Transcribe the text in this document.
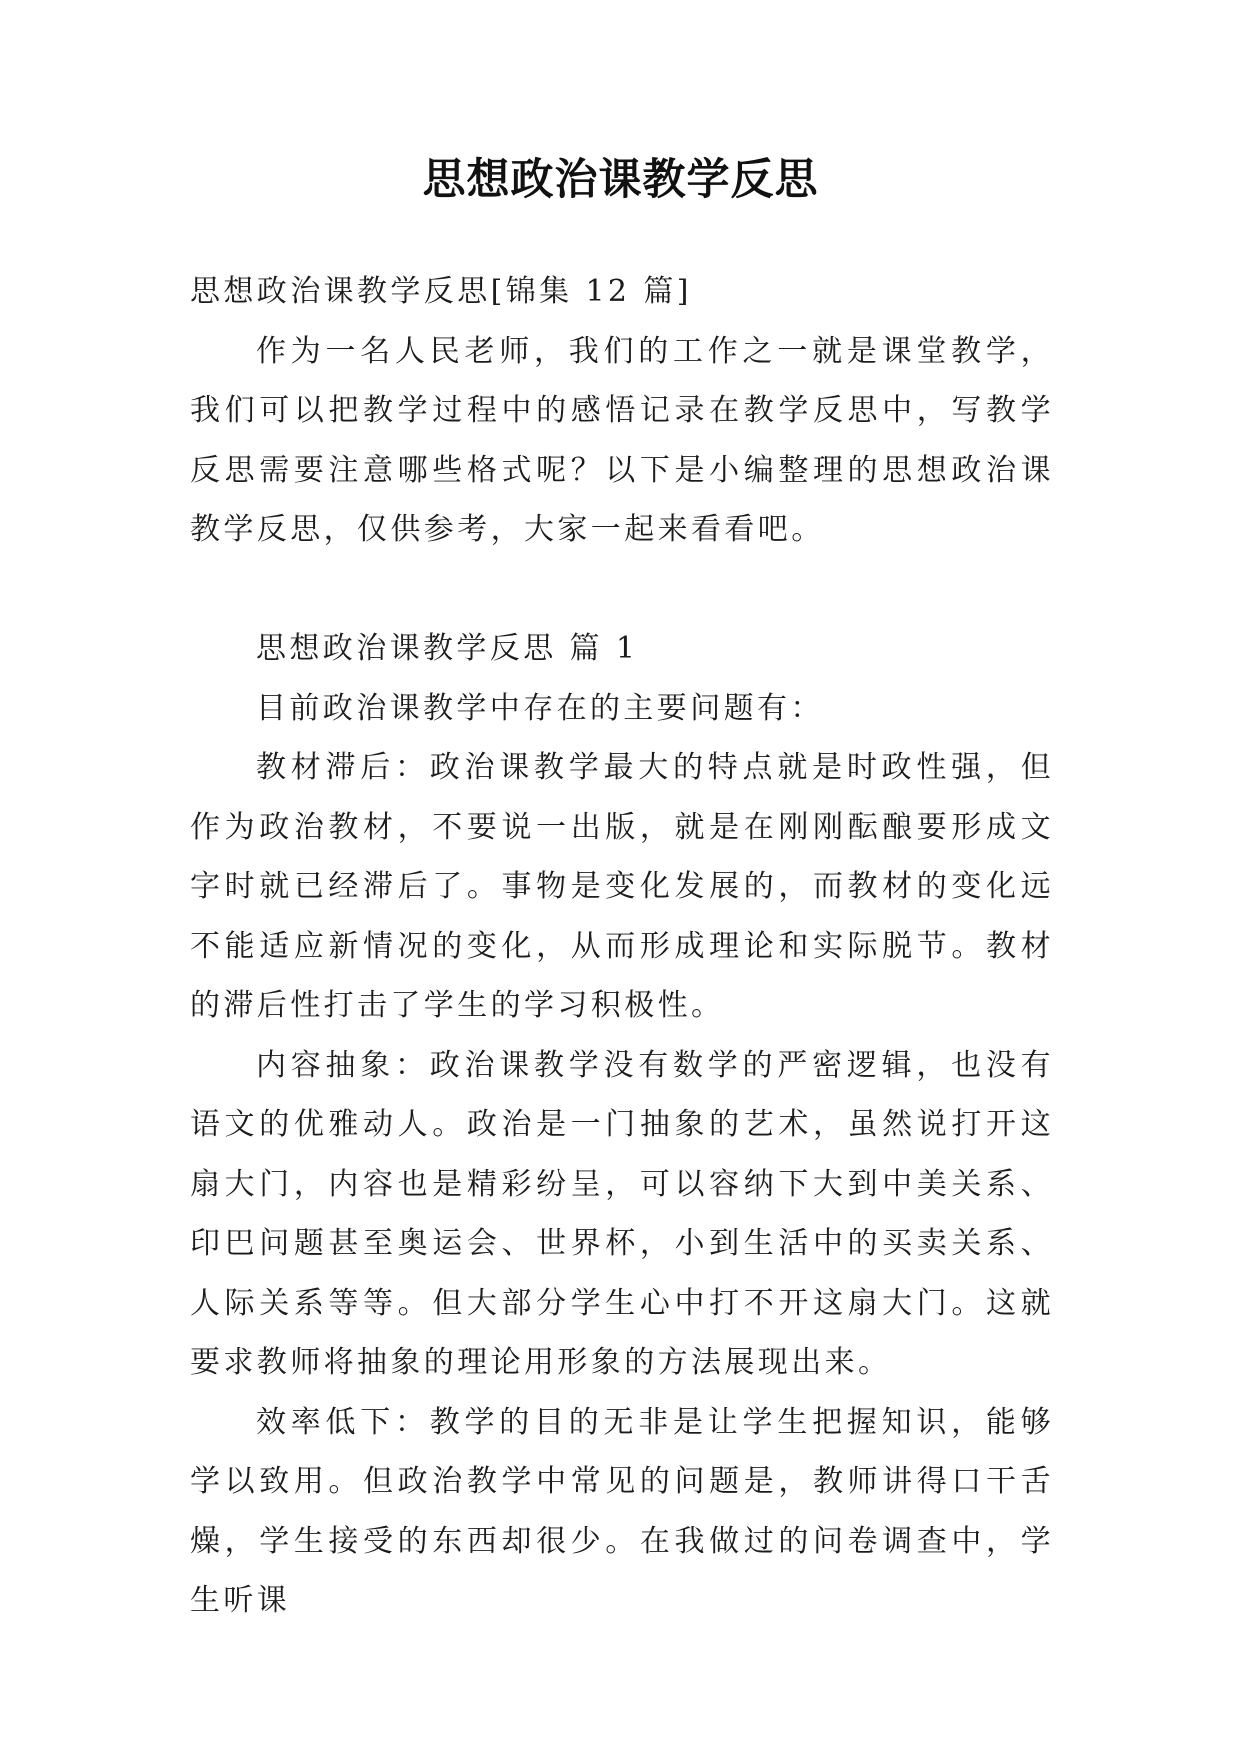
思想政治课教学反思

思想政治课教学反思[锦集 12 篇]

作为一名人民老师，我们的工作之一就是课堂教学，我们可以把教学过程中的感悟记录在教学反思中，写教学反思需要注意哪些格式呢？以下是小编整理的思想政治课教学反思，仅供参考，大家一起来看看吧。

思想政治课教学反思 篇 1

目前政治课教学中存在的主要问题有：

教材滞后：政治课教学最大的特点就是时政性强，但作为政治教材，不要说一出版，就是在刚刚酝酿要形成文字时就已经滞后了。事物是变化发展的，而教材的变化远不能适应新情况的变化，从而形成理论和实际脱节。教材的滞后性打击了学生的学习积极性。

内容抽象：政治课教学没有数学的严密逻辑，也没有语文的优雅动人。政治是一门抽象的艺术，虽然说打开这扇大门，内容也是精彩纷呈，可以容纳下大到中美关系、印巴问题甚至奥运会、世界杯，小到生活中的买卖关系、人际关系等等。但大部分学生心中打不开这扇大门。这就要求教师将抽象的理论用形象的方法展现出来。

效率低下：教学的目的无非是让学生把握知识，能够学以致用。但政治教学中常见的问题是，教师讲得口干舌燥，学生接受的东西却很少。在我做过的问卷调查中，学生听课
